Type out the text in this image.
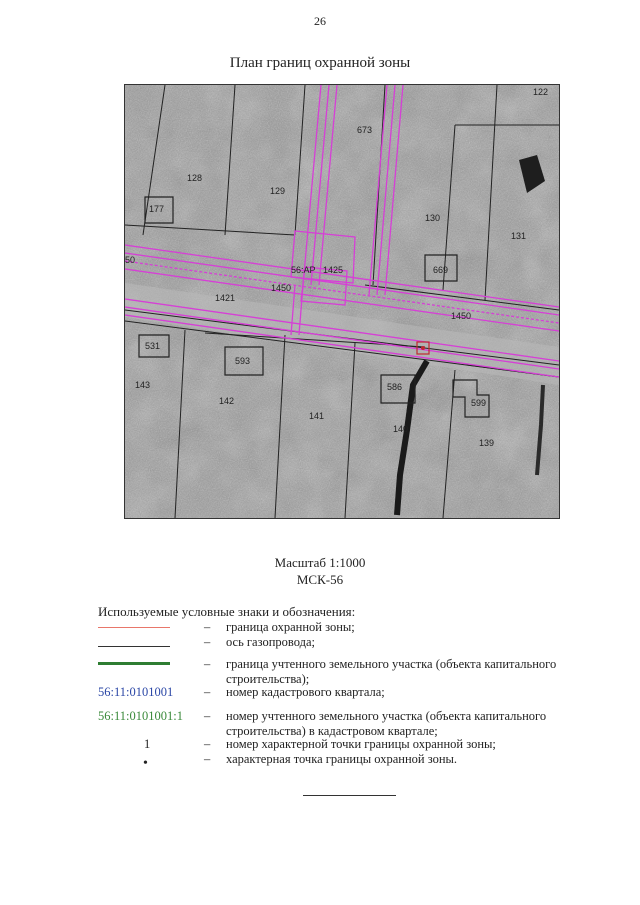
26
План границ охранной зоны
673
122
129
128
177
130
131
50
56:AP 1425
1450
1421
669
1450
531
593
143
142
141
586
140
599
139
Масштаб 1:1000
МСК-56
Используемые условные знаки и обозначения:
– граница охранной зоны;
– ось газопровода;
– граница учтенного земельного участка (объекта капитального строительства);
56:11:0101001	– номер кадастрового квартала;
56:11:0101001:1	– номер учтенного земельного участка (объекта капитального строительства) в кадастровом квартале;
1	– номер характерной точки границы охранной зоны;
•	– характерная точка границы охранной зоны.
